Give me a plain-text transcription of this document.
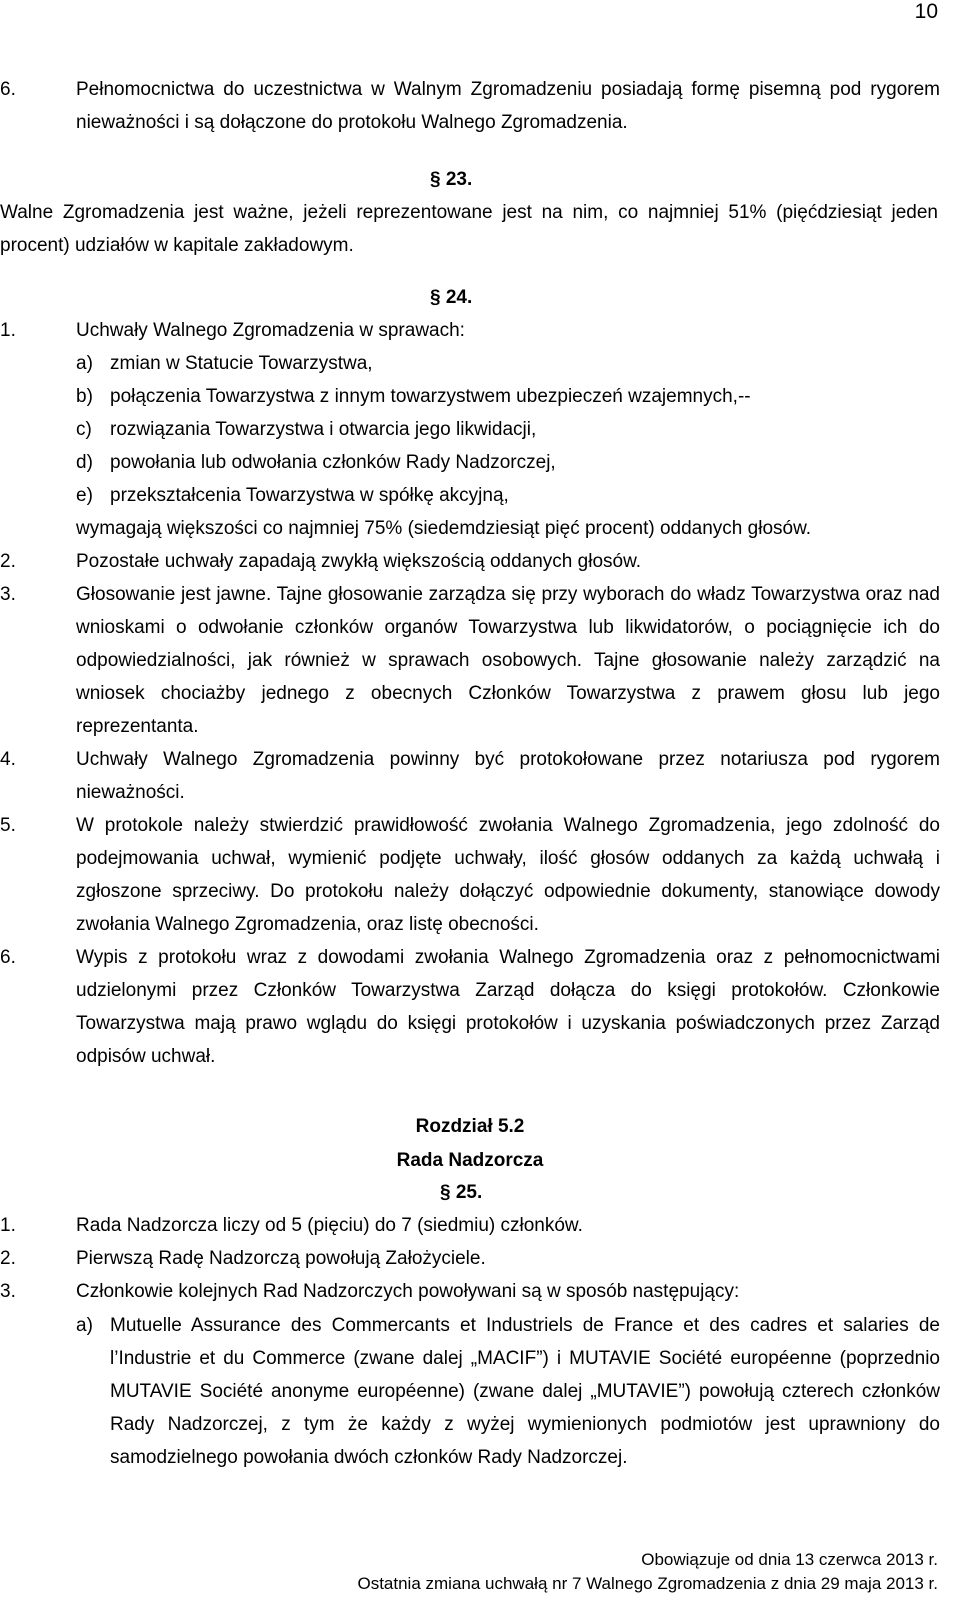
10
6.	Pełnomocnictwa do uczestnictwa w Walnym Zgromadzeniu posiadają formę pisemną pod rygorem nieważności i są dołączone do protokołu Walnego Zgromadzenia.
§ 23.
Walne Zgromadzenia jest ważne, jeżeli reprezentowane jest na nim, co najmniej 51% (pięćdziesiąt jeden procent) udziałów w kapitale zakładowym.
§ 24.
1.	Uchwały Walnego Zgromadzenia w sprawach:
a) zmian w Statucie Towarzystwa,
b) połączenia Towarzystwa z innym towarzystwem ubezpieczeń wzajemnych,--
c) rozwiązania Towarzystwa i otwarcia jego likwidacji,
d) powołania lub odwołania członków Rady Nadzorczej,
e) przekształcenia Towarzystwa w spółkę akcyjną,
wymagają większości co najmniej 75% (siedemdziesiąt pięć procent) oddanych głosów.
2.	Pozostałe uchwały zapadają zwykłą większością oddanych głosów.
3.	Głosowanie jest jawne. Tajne głosowanie zarządza się przy wyborach do władz Towarzystwa oraz nad wnioskami o odwołanie członków organów Towarzystwa lub likwidatorów, o pociągnięcie ich do odpowiedzialności, jak również w sprawach osobowych. Tajne głosowanie należy zarządzić na wniosek chociażby jednego z obecnych Członków Towarzystwa z prawem głosu lub jego reprezentanta.
4.	Uchwały Walnego Zgromadzenia powinny być protokołowane przez notariusza pod rygorem nieważności.
5.	W protokole należy stwierdzić prawidłowość zwołania Walnego Zgromadzenia, jego zdolność do podejmowania uchwał, wymienić podjęte uchwały, ilość głosów oddanych za każdą uchwałą i zgłoszone sprzeciwy. Do protokołu należy dołączyć odpowiednie dokumenty, stanowiące dowody zwołania Walnego Zgromadzenia, oraz listę obecności.
6.	Wypis z protokołu wraz z dowodami zwołania Walnego Zgromadzenia oraz z pełnomocnictwami udzielonymi przez Członków Towarzystwa Zarząd dołącza do księgi protokołów. Członkowie Towarzystwa mają prawo wglądu do księgi protokołów i uzyskania poświadczonych przez Zarząd odpisów uchwał.
Rozdział 5.2
Rada Nadzorcza
§ 25.
1.	Rada Nadzorcza liczy od 5 (pięciu) do 7 (siedmiu) członków.
2.	Pierwszą Radę Nadzorczą powołują Założyciele.
3.	Członkowie kolejnych Rad Nadzorczych powoływani są w sposób następujący:
a) Mutuelle Assurance des Commercants et Industriels de France et des cadres et salaries de l’Industrie et du Commerce (zwane dalej „MACIF”) i MUTAVIE Société européenne (poprzednio MUTAVIE Société anonyme européenne) (zwane dalej „MUTAVIE”) powołują czterech członków Rady Nadzorczej, z tym że każdy z wyżej wymienionych podmiotów jest uprawniony do samodzielnego powołania dwóch członków Rady Nadzorczej.
Obowiązuje od dnia 13 czerwca 2013 r.
Ostatnia zmiana uchwałą nr 7 Walnego Zgromadzenia z dnia 29 maja 2013 r.
